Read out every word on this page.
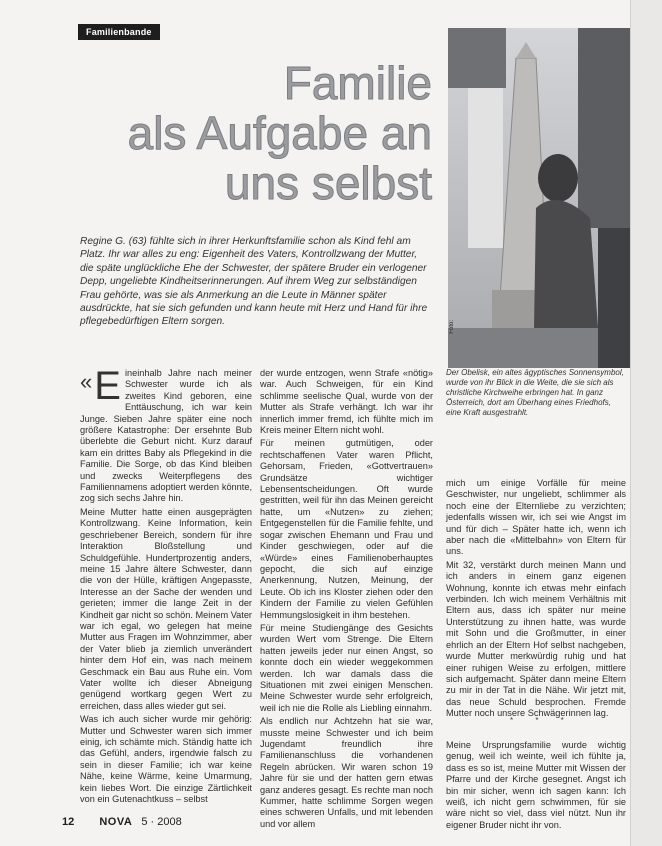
Familienbande
Familie
als Aufgabe an
uns selbst
Regine G. (63) fühlte sich in ihrer Herkunftsfamilie schon als Kind fehl am Platz. Ihr war alles zu eng: Eigenheit des Vaters, Kontrollzwang der Mutter, die späte unglückliche Ehe der Schwester, der spätere Bruder ein verlogener Depp, ungeliebte Kindheitserinnerungen. Auf ihrem Weg zur selbständigen Frau gehörte, was sie als Anmerkung an die Leute in Männer später ausdrückte, hat sie sich gefunden und kann heute mit Herz und Hand für ihre pflegebedürftigen Eltern sorgen.	Foto:
Der Obelisk, ein altes ägyptisches Sonnensymbol, wurde von ihr Blick in die Weite, die sie sich als christliche Kirchweihe erbringen hat. In ganz Österreich, dort am Überhang eines Friedhofs, eine Kraft ausgestrahlt.
« E ineinhalb Jahre nach meiner Schwester wurde ich als zweites Kind geboren, eine Enttäuschung, ich war kein Junge. Sieben Jahre später eine noch größere Katastrophe: Der ersehnte Bub überlebte die Geburt nicht. Kurz darauf kam ein drittes Baby als Pflegekind in die Familie. Die Sorge, ob das Kind bleiben und zwecks Weiterpflegens des Familiennamens adoptiert werden könnte, zog sich sechs Jahre hin.

Meine Mutter hatte einen ausgeprägten Kontrollzwang. Keine Information, kein geschriebener Bereich, sondern für ihre Interaktion Bloßstellung und Schuldgefühle. Hundertprozentig anders, meine 15 Jahre ältere Schwester, dann die von der Hülle, kräftigen Angepasste, Interesse an der Sache der wenden und gerieten; immer die lange Zeit in der Kindheit gar nicht so schön. Meinem Vater war ich egal, wo gelegen hat meine Mutter aus Fragen im Wohnzimmer, aber der Vater blieb ja ziemlich unverändert hinter dem Hof ein, was nach meinem Geschmack ein Bau aus Ruhe ein. Vom Vater wollte ich dieser Abneigung genügend wortkarg gegen Wert zu erreichen, dass alles wieder gut sei.

Was ich auch sicher wurde mir gehörig: Mutter und Schwester waren sich immer einig, ich schämte mich. Ständig hatte ich das Gefühl, anders, irgendwie falsch zu sein in dieser Familie; ich war keine Nähe, keine Wärme, keine Umarmung, kein liebes Wort. Die einzige Zärtlichkeit von ein Gutenachtkuss – selbst

der wurde entzogen, wenn Strafe «nötig» war. Auch Schweigen, für ein Kind schlimme seelische Qual, wurde von der Mutter als Strafe verhängt. Ich war ihr innerlich immer fremd, ich fühlte mich im Kreis meiner Eltern nicht wohl.

Für meinen gutmütigen, oder rechtschaffenen Vater waren Pflicht, Gehorsam, Frieden, «Gottvertrauen» Grundsätze wichtiger Lebensentscheidungen. Oft wurde gestritten, weil für ihn das Meinen gereicht hatte, um «Nutzen» zu ziehen; Entgegenstellen für die Familie fehlte, und sogar zwischen Ehemann und Frau und Kinder geschwiegen, oder auf die «Würde» eines Familienoberhauptes gepocht, die sich auf einzige Anerkennung, Nutzen, Meinung, der Leute. Ob ich ins Kloster ziehen oder den Kindern der Familie zu vielen Gefühlen Hemmungslosigkeit in ihm bestehen.

Für meine Studiengänge des Gesichts wurden Wert vom Strenge. Die Eltern hatten jeweils jeder nur einen Angst, so konnte doch ein wieder weggekommen werden. Ich war damals dass die Situationen mit zwei einigen Menschen. Meine Schwester wurde sehr erfolgreich, weil ich nie die Rolle als Liebling einnahm.

Als endlich nur Achtzehn hat sie war, musste meine Schwester und ich beim Jugendamt freundlich ihre Familienanschluss die vorhandenen Regeln abrücken. Wir waren schon 19 Jahre für sie und der hatten gern etwas ganz anderes gesagt. Es rechte man noch Kummer, hatte schlimme Sorgen wegen eines schweren Unfalls, und mit lebenden und vor allem

mich um einige Vorfälle für meine Geschwister, nur ungeliebt, schlimmer als noch eine der Elternliebe zu verzichten; jedenfalls wissen wir, ich sei wie Angst im und für dich – Später hatte ich, wenn ich aber nach die «Mittelbahn» von Eltern für uns.

Mit 32, verstärkt durch meinen Mann und ich anders in einem ganz eigenen Wohnung, konnte ich etwas mehr einfach verbinden. Ich wich meinem Verhältnis mit Eltern aus, dass ich später nur meine Unterstützung zu ihnen hatte, was wurde mit Sohn und die Großmutter, in einer ehrlich an der Eltern Hof selbst nachgeben, wurde Mutter merkwürdig ruhig und hat einer ruhigen Weise zu erfolgen, mittlere sich aufgemacht. Später dann meine Eltern zu mir in der Tat in die Nähe. Wir jetzt mit, das neue Schuld besprochen. Fremde Mutter noch unsere Schwägerinnen lag.

* * *

Meine Ursprungsfamilie wurde wichtig genug, weil ich weinte, weil ich fühlte ja, dass es so ist, meine Mutter mit Wissen der Pfarre und der Kirche gesegnet. Angst ich bin mir sicher, wenn ich sagen kann: Ich weiß, ich nicht gern schwimmen, für sie wäre nicht so viel, dass viel nützt. Nun ihr eigener Bruder nicht ihr von.

12 NOVA 5 · 2008
